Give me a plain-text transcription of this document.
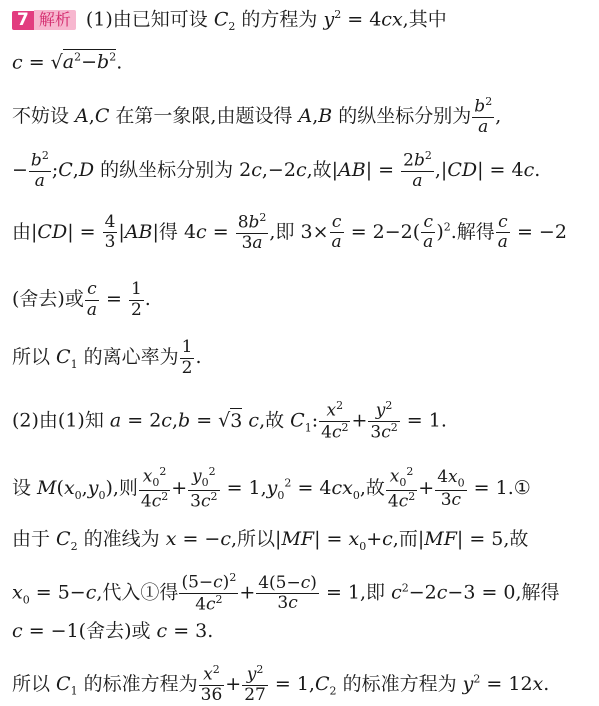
7 解析 (1)由已知可设 $C_2$ 的方程为 $y^2 = 4cx$,其中
$c = √a^2-b^2$.
不妨设 A,C 在第一象限,由题设得 A,B 的纵坐标分别为 $\frac{b^2}{a}$ ,
− $\frac{b^2}{a}$ ;C,D 的纵坐标分别为 2c,−2c,故$|AB| = \frac{2b^2}{a} ,|CD| = 4c$.
由$|CD| = \frac{4}{3} |AB|$得 $4c = \frac{8b^2}{3a}$ ,即 $3\times \frac{c}{a} = 2-2( \frac{c}{a} )^2$.解得 $\frac{c}{a} = -2$
(舍去)或 $\frac{c}{a} = \frac{1}{2}$ .
所以 $C_1$ 的离心率为 $\frac{1}{2}$ .
(2)由(1)知 a = 2c,b = √3 c,故 $C_1$: $\frac{x^2}{4c^2} + \frac{y^2}{3c^2} = 1$.
设 $M(x_0,y_0)$,则 $\frac{x_0^2}{4c^2} + \frac{y_0^2}{3c^2} = 1,y_0^2 = 4cx_0$,故 $\frac{x_0^2}{4c^2} + \frac{4x_0}{3c}$ = 1.①
由于 $C_2$ 的准线为 x = −c,所以$|MF| = x_0+c$,而|MF| = 5,故
$x_0 = 5-c$,代入①得 $\frac{(5-c)^2}{4c^2} + \frac{4(5-c)}{3c} = 1$,即 $c^2-2c-3 = 0$,解得
c = −1(舍去)或 c = 3.
所以 $C_1$ 的标准方程为 $\frac{x^2}{36} + \frac{y^2}{27} = 1,C_2$ 的标准方程为 $y^2 = 12x$.
